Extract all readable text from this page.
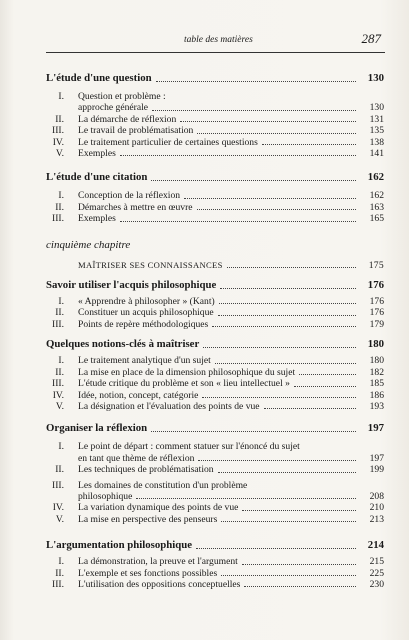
table des matières	287
L'étude d'une question	130
I.	Question et problème :
approche générale	130
II.	La démarche de réflexion	131
III.	Le travail de problématisation	135
IV.	Le traitement particulier de certaines questions	138
V.	Exemples	141
L'étude d'une citation	162
I.	Conception de la réflexion	162
II.	Démarches à mettre en œuvre	163
III.	Exemples	165
cinquième chapitre
MAÎTRISER SES CONNAISSANCES	175
Savoir utiliser l'acquis philosophique	176
I.	« Apprendre à philosopher » (Kant)	176
II.	Constituer un acquis philosophique	176
III.	Points de repère méthodologiques	179
Quelques notions-clés à maîtriser	180
I.	Le traitement analytique d'un sujet	180
II.	La mise en place de la dimension philosophique du sujet	182
III.	L'étude critique du problème et son « lieu intellectuel »	185
IV.	Idée, notion, concept, catégorie	186
V.	La désignation et l'évaluation des points de vue	193
Organiser la réflexion	197
I.	Le point de départ : comment statuer sur l'énoncé du sujet
en tant que thème de réflexion	197
II.	Les techniques de problématisation	199
III.	Les domaines de constitution d'un problème
philosophique	208
IV.	La variation dynamique des points de vue	210
V.	La mise en perspective des penseurs	213
L'argumentation philosophique	214
I.	La démonstration, la preuve et l'argument	215
II.	L'exemple et ses fonctions possibles	225
III.	L'utilisation des oppositions conceptuelles	230
